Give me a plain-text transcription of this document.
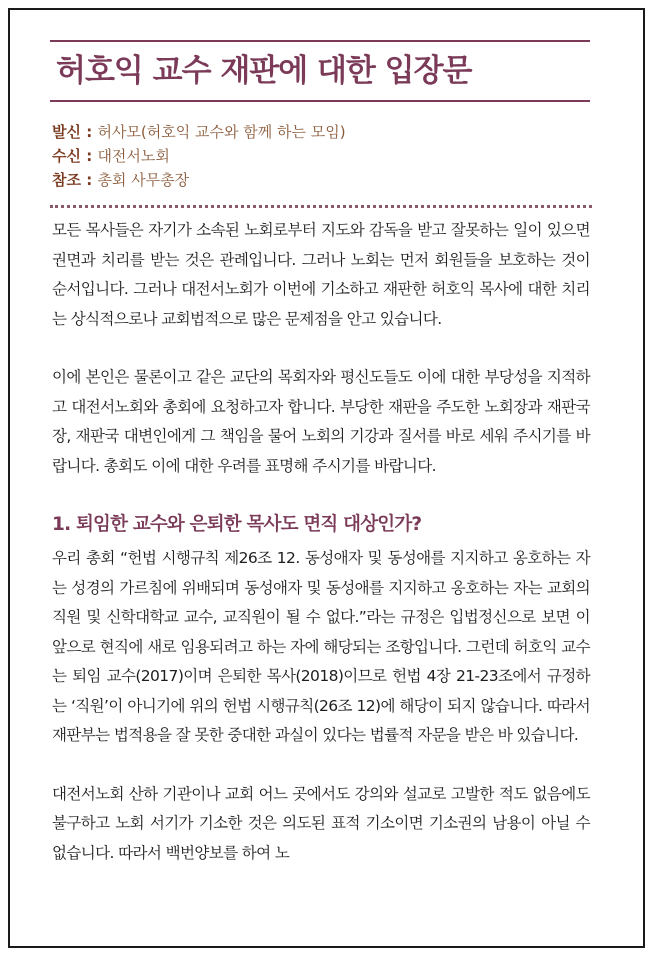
허호익 교수 재판에 대한 입장문
발신 : 허사모(허호익 교수와 함께 하는 모임)
수신 : 대전서노회
참조 : 총회 사무총장

모든 목사들은 자기가 소속된 노회로부터 지도와 감독을 받고 잘못하는 일이 있으면 권면과 치리를 받는 것은 관례입니다. 그러나 노회는 먼저 회원들을 보호하는 것이 순서입니다. 그러나 대전서노회가 이번에 기소하고 재판한 허호익 목사에 대한 치리는 상식적으로나 교회법적으로 많은 문제점을 안고 있습니다.

이에 본인은 물론이고 같은 교단의 목회자와 평신도들도 이에 대한 부당성을 지적하고 대전서노회와 총회에 요청하고자 합니다. 부당한 재판을 주도한 노회장과 재판국장, 재판국 대변인에게 그 책임을 물어 노회의 기강과 질서를 바로 세워 주시기를 바랍니다. 총회도 이에 대한 우려를 표명해 주시기를 바랍니다.

1. 퇴임한 교수와 은퇴한 목사도 면직 대상인가?

우리 총회 “헌법 시행규칙 제26조 12. 동성애자 및 동성애를 지지하고 옹호하는 자는 성경의 가르침에 위배되며 동성애자 및 동성애를 지지하고 옹호하는 자는 교회의 직원 및 신학대학교 교수, 교직원이 될 수 없다.”라는 규정은 입법정신으로 보면 이 앞으로 현직에 새로 임용되려고 하는 자에 해당되는 조항입니다. 그런데 허호익 교수는 퇴임 교수(2017)이며 은퇴한 목사(2018)이므로 헌법 4장 21-23조에서 규정하는 ‘직원’이 아니기에 위의 헌법 시행규칙(26조 12)에 해당이 되지 않습니다. 따라서 재판부는 법적용을 잘 못한 중대한 과실이 있다는 법률적 자문을 받은 바 있습니다.

대전서노회 산하 기관이나 교회 어느 곳에서도 강의와 설교로 고발한 적도 없음에도 불구하고 노회 서기가 기소한 것은 의도된 표적 기소이면 기소권의 남용이 아닐 수 없습니다. 따라서 백번양보를 하여 노
